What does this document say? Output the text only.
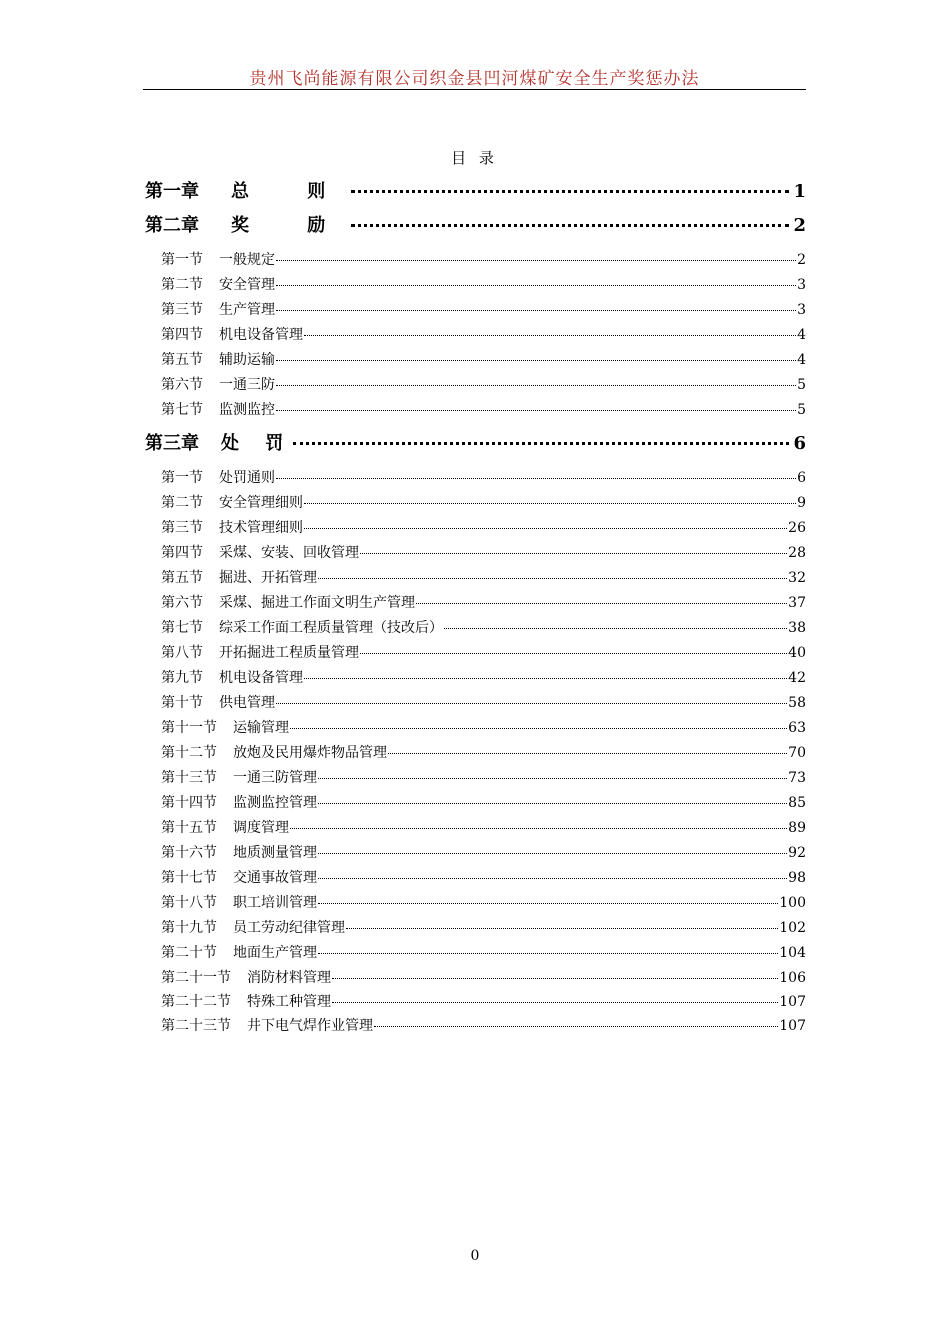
贵州飞尚能源有限公司织金县凹河煤矿安全生产奖惩办法
目 录
第一章	总 则	1
第二章	奖 励	2
第一节 一般规定	2
第二节 安全管理	3
第三节 生产管理	3
第四节 机电设备管理	4
第五节 辅助运输	4
第六节 一通三防	5
第七节 监测监控	5
第三章	处 罚	6
第一节 处罚通则	6
第二节 安全管理细则	9
第三节 技术管理细则	26
第四节 采煤、安装、回收管理	28
第五节 掘进、开拓管理	32
第六节 采煤、掘进工作面文明生产管理	37
第七节 综采工作面工程质量管理（技改后）	38
第八节 开拓掘进工程质量管理	40
第九节 机电设备管理	42
第十节 供电管理	58
第十一节 运输管理	63
第十二节 放炮及民用爆炸物品管理	70
第十三节 一通三防管理	73
第十四节 监测监控管理	85
第十五节 调度管理	89
第十六节 地质测量管理	92
第十七节 交通事故管理	98
第十八节 职工培训管理	100
第十九节 员工劳动纪律管理	102
第二十节 地面生产管理	104
第二十一节 消防材料管理	106
第二十二节 特殊工种管理	107
第二十三节 井下电气焊作业管理	107
0
